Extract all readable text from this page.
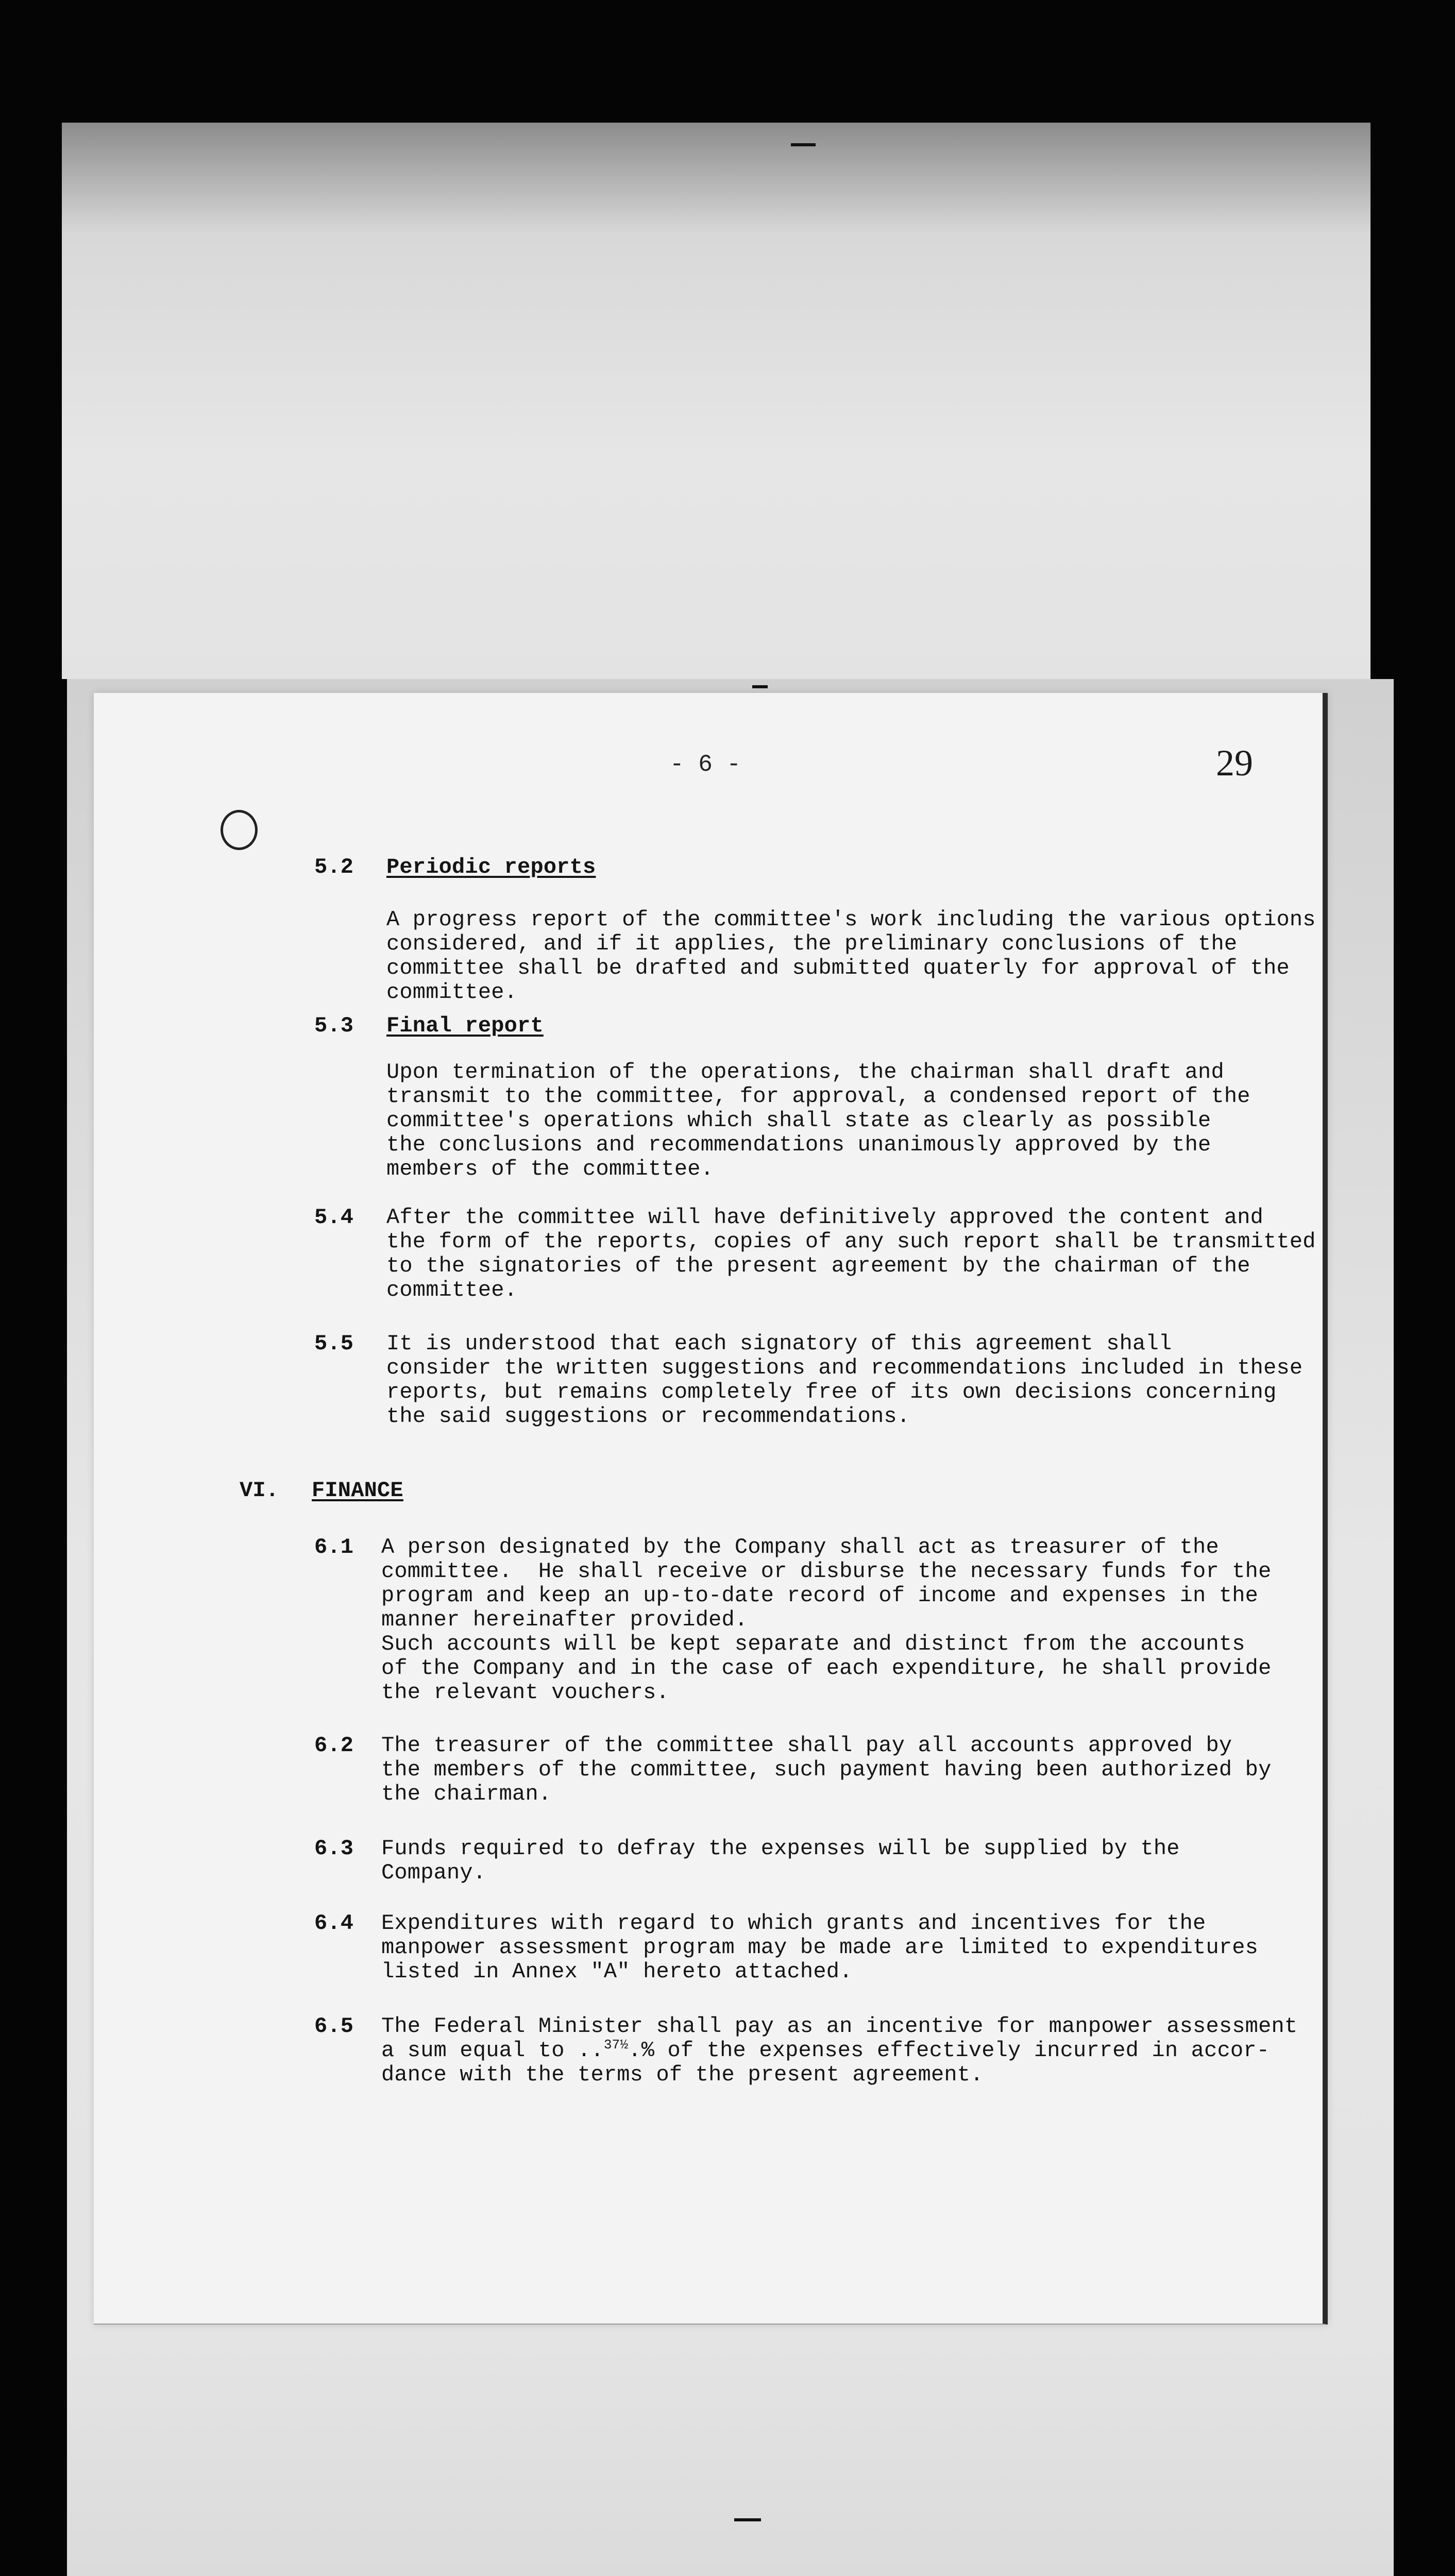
- 6 -	29
5.2 Periodic reports
A progress report of the committee's work including the various options
considered, and if it applies, the preliminary conclusions of the
committee shall be drafted and submitted quaterly for approval of the
committee.
5.3 Final report
Upon termination of the operations, the chairman shall draft and
transmit to the committee, for approval, a condensed report of the
committee's operations which shall state as clearly as possible
the conclusions and recommendations unanimously approved by the
members of the committee.
5.4 After the committee will have definitively approved the content and
the form of the reports, copies of any such report shall be transmitted
to the signatories of the present agreement by the chairman of the
committee.
5.5 It is understood that each signatory of this agreement shall
consider the written suggestions and recommendations included in these
reports, but remains completely free of its own decisions concerning
the said suggestions or recommendations.
VI. FINANCE
6.1 A person designated by the Company shall act as treasurer of the
committee.  He shall receive or disburse the necessary funds for the
program and keep an up-to-date record of income and expenses in the
manner hereinafter provided.
Such accounts will be kept separate and distinct from the accounts
of the Company and in the case of each expenditure, he shall provide
the relevant vouchers.
6.2 The treasurer of the committee shall pay all accounts approved by
the members of the committee, such payment having been authorized by
the chairman.
6.3 Funds required to defray the expenses will be supplied by the
Company.
6.4 Expenditures with regard to which grants and incentives for the
manpower assessment program may be made are limited to expenditures
listed in Annex "A" hereto attached.
6.5 The Federal Minister shall pay as an incentive for manpower assessment
a sum equal to ..$^{37\frac{1}{2}}$.% of the expenses effectively incurred in accor-
dance with the terms of the present agreement.
